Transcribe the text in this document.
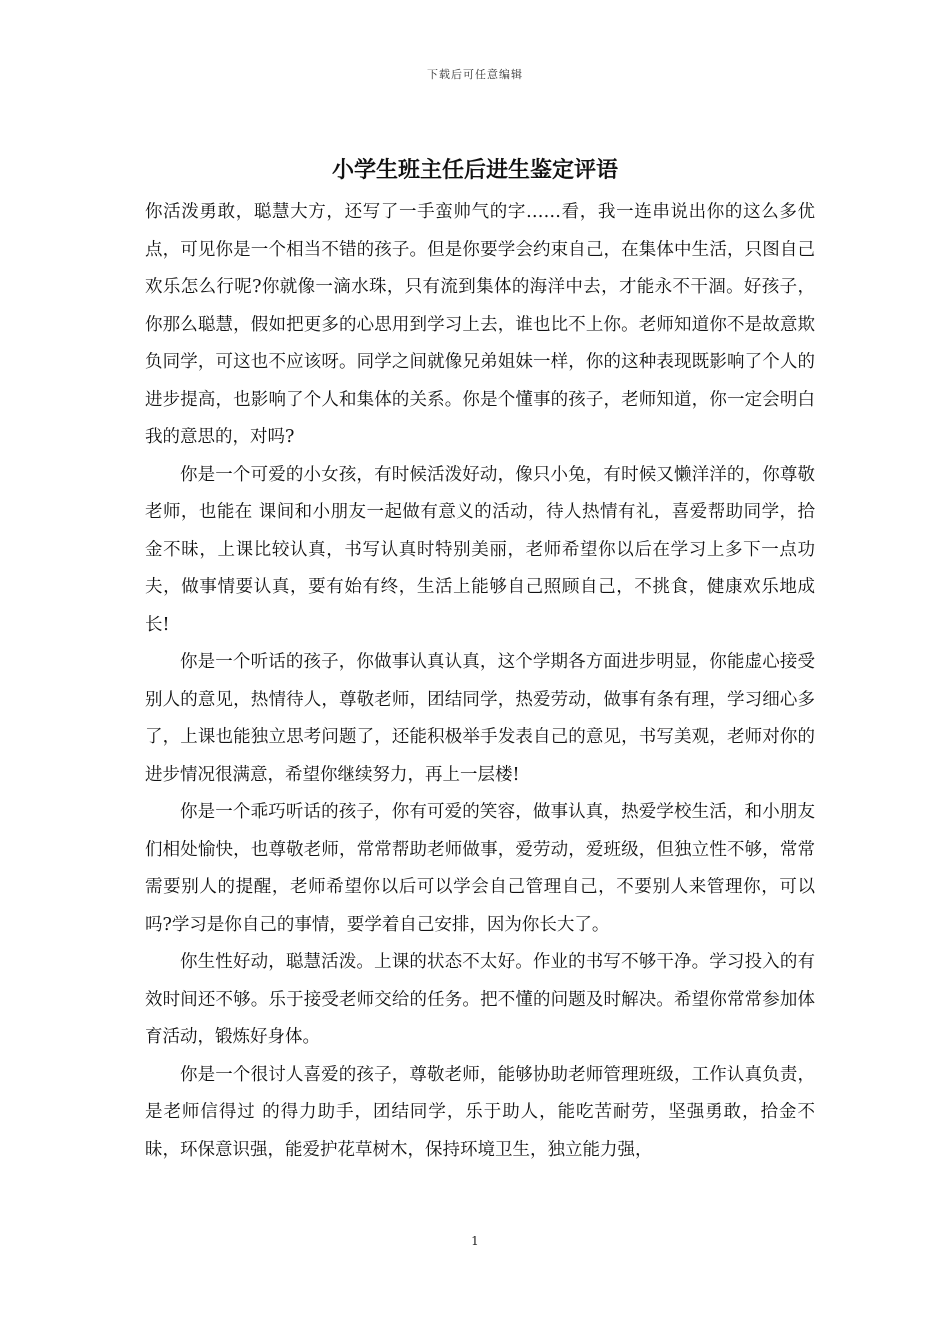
下载后可任意编辑
小学生班主任后进生鉴定评语

你活泼勇敢，聪慧大方，还写了一手蛮帅气的字……看，我一连串说出你的这么多优点，可见你是一个相当不错的孩子。但是你要学会约束自己，在集体中生活，只图自己欢乐怎么行呢?你就像一滴水珠，只有流到集体的海洋中去，才能永不干涸。好孩子，你那么聪慧，假如把更多的心思用到学习上去，谁也比不上你。老师知道你不是故意欺负同学，可这也不应该呀。同学之间就像兄弟姐妹一样，你的这种表现既影响了个人的进步提高，也影响了个人和集体的关系。你是个懂事的孩子，老师知道，你一定会明白我的意思的，对吗?

你是一个可爱的小女孩，有时候活泼好动，像只小兔，有时候又懒洋洋的，你尊敬老师，也能在 课间和小朋友一起做有意义的活动，待人热情有礼，喜爱帮助同学，拾金不昧，上课比较认真，书写认真时特别美丽，老师希望你以后在学习上多下一点功夫，做事情要认真，要有始有终，生活上能够自己照顾自己，不挑食，健康欢乐地成长!

你是一个听话的孩子，你做事认真认真，这个学期各方面进步明显，你能虚心接受别人的意见，热情待人，尊敬老师，团结同学，热爱劳动，做事有条有理，学习细心多了，上课也能独立思考问题了，还能积极举手发表自己的意见，书写美观，老师对你的进步情况很满意，希望你继续努力，再上一层楼!

你是一个乖巧听话的孩子，你有可爱的笑容，做事认真，热爱学校生活，和小朋友们相处愉快，也尊敬老师，常常帮助老师做事，爱劳动，爱班级，但独立性不够，常常需要别人的提醒，老师希望你以后可以学会自己管理自己，不要别人来管理你，可以吗?学习是你自己的事情，要学着自己安排，因为你长大了。

你生性好动，聪慧活泼。上课的状态不太好。作业的书写不够干净。学习投入的有效时间还不够。乐于接受老师交给的任务。把不懂的问题及时解决。希望你常常参加体育活动，锻炼好身体。

你是一个很讨人喜爱的孩子，尊敬老师，能够协助老师管理班级，工作认真负责，是老师信得过 的得力助手，团结同学，乐于助人，能吃苦耐劳，坚强勇敢，拾金不昧，环保意识强，能爱护花草树木，保持环境卫生，独立能力强，

1
